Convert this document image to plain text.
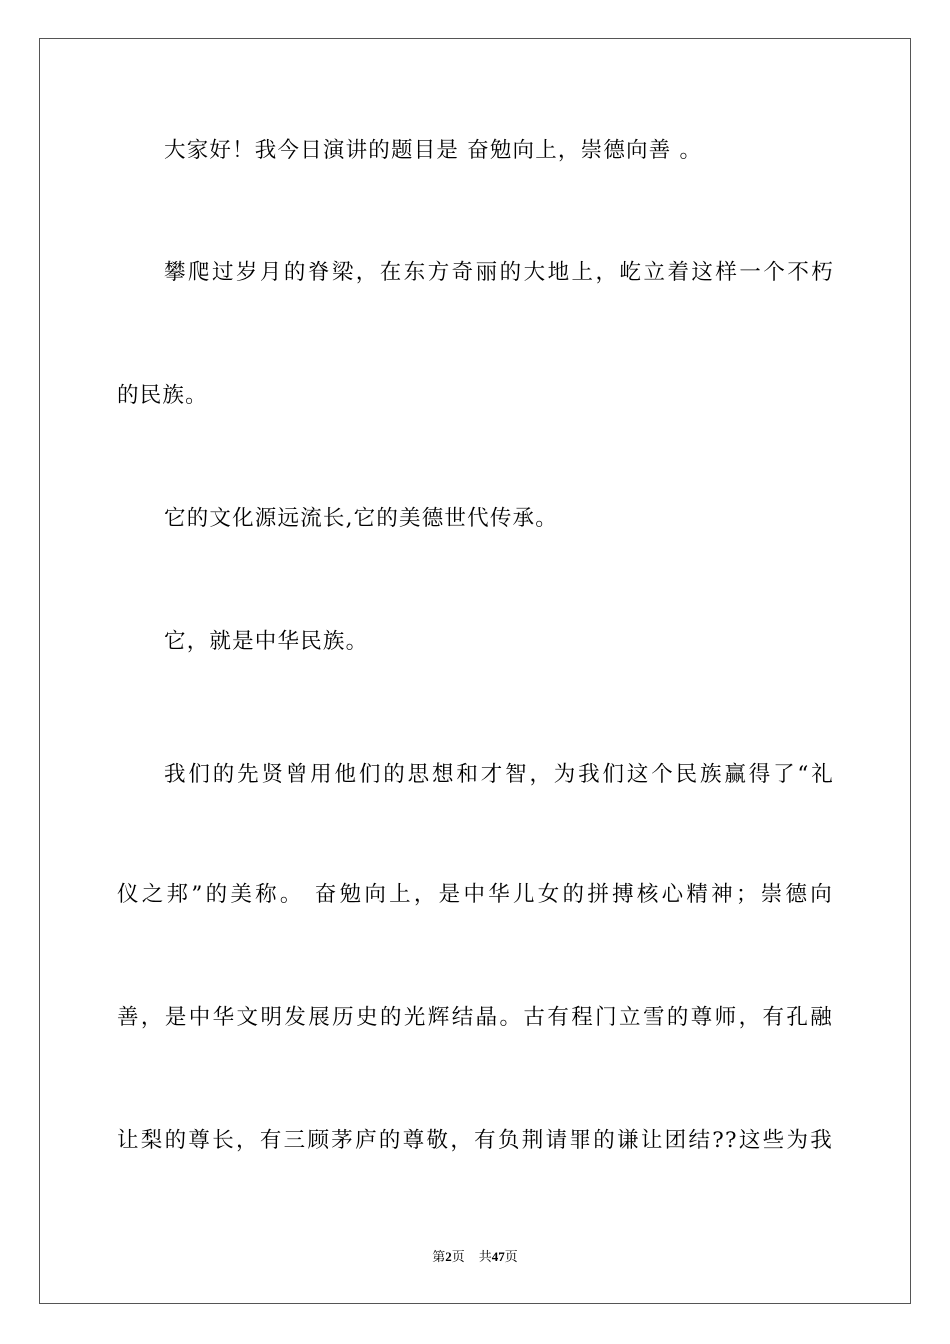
大家好！我今日演讲的题目是 奋勉向上，崇德向善 。
攀爬过岁月的脊梁，在东方奇丽的大地上，屹立着这样一个不朽
的民族。
它的文化源远流长,它的美德世代传承。
它，就是中华民族。
我们的先贤曾用他们的思想和才智，为我们这个民族赢得了“礼
仪之邦”的美称。 奋勉向上，是中华儿女的拼搏核心精神；崇德向
善，是中华文明发展历史的光辉结晶。古有程门立雪的尊师，有孔融
让梨的尊长，有三顾茅庐的尊敬，有负荆请罪的谦让团结??这些为我
第2页 共47页
